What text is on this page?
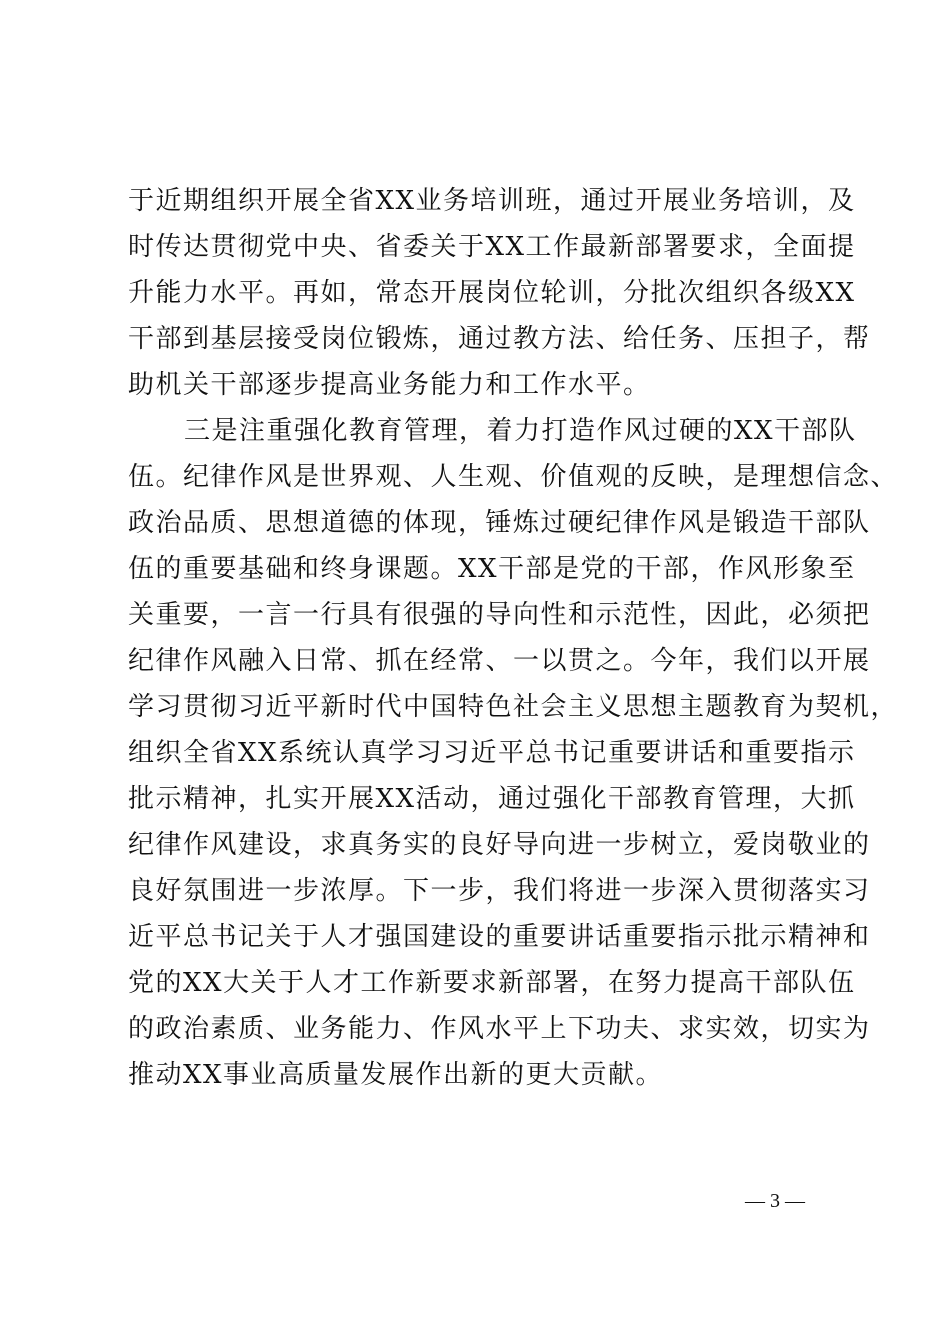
于近期组织开展全省XX业务培训班，通过开展业务培训，及
时传达贯彻党中央、省委关于XX工作最新部署要求，全面提
升能力水平。再如，常态开展岗位轮训，分批次组织各级XX
干部到基层接受岗位锻炼，通过教方法、给任务、压担子，帮
助机关干部逐步提高业务能力和工作水平。
三是注重强化教育管理，着力打造作风过硬的XX干部队
伍。纪律作风是世界观、人生观、价值观的反映，是理想信念、
政治品质、思想道德的体现，锤炼过硬纪律作风是锻造干部队
伍的重要基础和终身课题。XX干部是党的干部，作风形象至
关重要，一言一行具有很强的导向性和示范性，因此，必须把
纪律作风融入日常、抓在经常、一以贯之。今年，我们以开展
学习贯彻习近平新时代中国特色社会主义思想主题教育为契机，
组织全省XX系统认真学习习近平总书记重要讲话和重要指示
批示精神，扎实开展XX活动，通过强化干部教育管理，大抓
纪律作风建设，求真务实的良好导向进一步树立，爱岗敬业的
良好氛围进一步浓厚。下一步，我们将进一步深入贯彻落实习
近平总书记关于人才强国建设的重要讲话重要指示批示精神和
党的XX大关于人才工作新要求新部署，在努力提高干部队伍
的政治素质、业务能力、作风水平上下功夫、求实效，切实为
推动XX事业高质量发展作出新的更大贡献。
— 3 —
